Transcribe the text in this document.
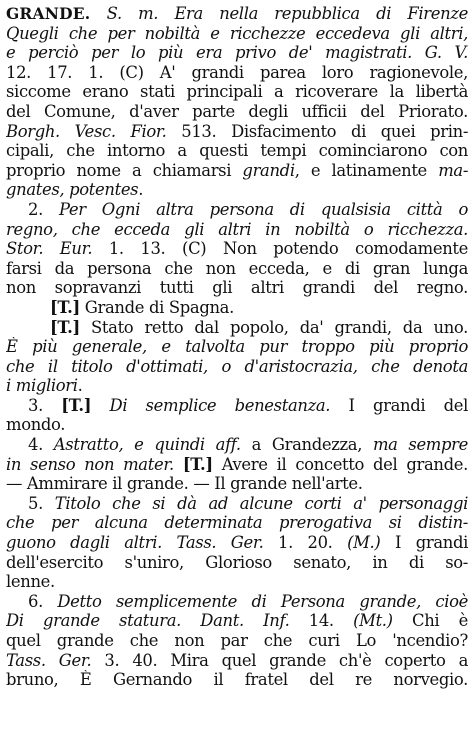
GRANDE. S. m. Era nella repubblica di Firenze
Quegli che per nobiltà e ricchezze eccedeva gli altri,
e perciò per lo più era privo de' magistrati. G. V.
12. 17. 1. (C) A' grandi parea loro ragionevole,
siccome erano stati principali a ricoverare la libertà
del Comune, d'aver parte degli ufficii del Priorato.
Borgh. Vesc. Fior. 513. Disfacimento di quei prin-
cipali, che intorno a questi tempi cominciarono con
proprio nome a chiamarsi grandi, e latinamente ma-
gnates, potentes.
2. Per Ogni altra persona di qualsisia città o
regno, che ecceda gli altri in nobiltà o ricchezza.
Stor. Eur. 1. 13. (C) Non potendo comodamente
farsi da persona che non ecceda, e di gran lunga
non sopravanzi tutti gli altri grandi del regno.
[T.] Grande di Spagna.
[T.] Stato retto dal popolo, da' grandi, da uno.
È più generale, e talvolta pur troppo più proprio
che il titolo d'ottimati, o d'aristocrazia, che denota
i migliori.
3. [T.] Di semplice benestanza. I grandi del
mondo.
4. Astratto, e quindi aff. a Grandezza, ma sempre
in senso non mater. [T.] Avere il concetto del grande.
— Ammirare il grande. — Il grande nell'arte.
5. Titolo che si dà ad alcune corti a' personaggi
che per alcuna determinata prerogativa si distin-
guono dagli altri. Tass. Ger. 1. 20. (M.) I grandi
dell'esercito s'uniro, Glorioso senato, in di so-
lenne.
6. Detto semplicemente di Persona grande, cioè
Di grande statura. Dant. Inf. 14. (Mt.) Chi è
quel grande che non par che curi Lo 'ncendio?
Tass. Ger. 3. 40. Mira quel grande ch'è coperto a
bruno, È Gernando il fratel del re norvegio.
